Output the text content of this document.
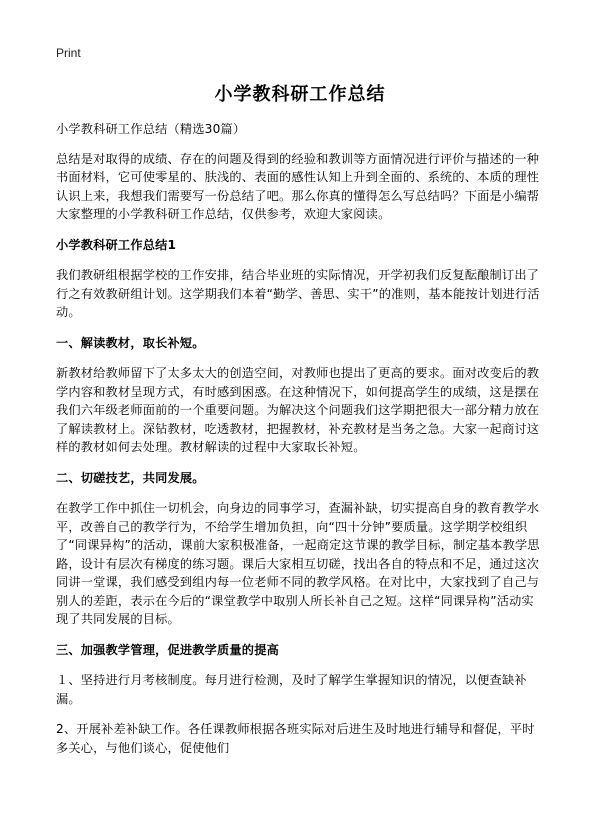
Print
小学教科研工作总结

小学教科研工作总结（精选30篇）

总结是对取得的成绩、存在的问题及得到的经验和教训等方面情况进行评价与描述的一种书面材料，它可使零星的、肤浅的、表面的感性认知上升到全面的、系统的、本质的理性认识上来，我想我们需要写一份总结了吧。那么你真的懂得怎么写总结吗？下面是小编帮大家整理的小学教科研工作总结，仅供参考，欢迎大家阅读。

小学教科研工作总结1

我们教研组根据学校的工作安排，结合毕业班的实际情况，开学初我们反复酝酿制订出了行之有效教研组计划。这学期我们本着“勤学、善思、实干”的准则，基本能按计划进行活动。

一、解读教材，取长补短。

新教材给教师留下了太多太大的创造空间，对教师也提出了更高的要求。面对改变后的教学内容和教材呈现方式，有时感到困惑。在这种情况下，如何提高学生的成绩，这是摆在我们六年级老师面前的一个重要问题。为解决这个问题我们这学期把很大一部分精力放在了解读教材上。深钻教材，吃透教材，把握教材，补充教材是当务之急。大家一起商讨这样的教材如何去处理。教材解读的过程中大家取长补短。

二、切磋技艺，共同发展。

在教学工作中抓住一切机会，向身边的同事学习，查漏补缺，切实提高自身的教育教学水平，改善自己的教学行为，不给学生增加负担，向“四十分钟”要质量。这学期学校组织了“同课异构”的活动，课前大家积极准备，一起商定这节课的教学目标，制定基本教学思路，设计有层次有梯度的练习题。课后大家相互切磋，找出各自的特点和不足，通过这次同讲一堂课，我们感受到组内每一位老师不同的教学风格。在对比中，大家找到了自己与别人的差距，表示在今后的“课堂教学中取别人所长补自己之短。这样“同课异构”活动实现了共同发展的目标。

三、加强教学管理，促进教学质量的提高

１、坚持进行月考核制度。每月进行检测，及时了解学生掌握知识的情况，以便查缺补漏。

2、开展补差补缺工作。各任课教师根据各班实际对后进生及时地进行辅导和督促，平时多关心，与他们谈心，促使他们
